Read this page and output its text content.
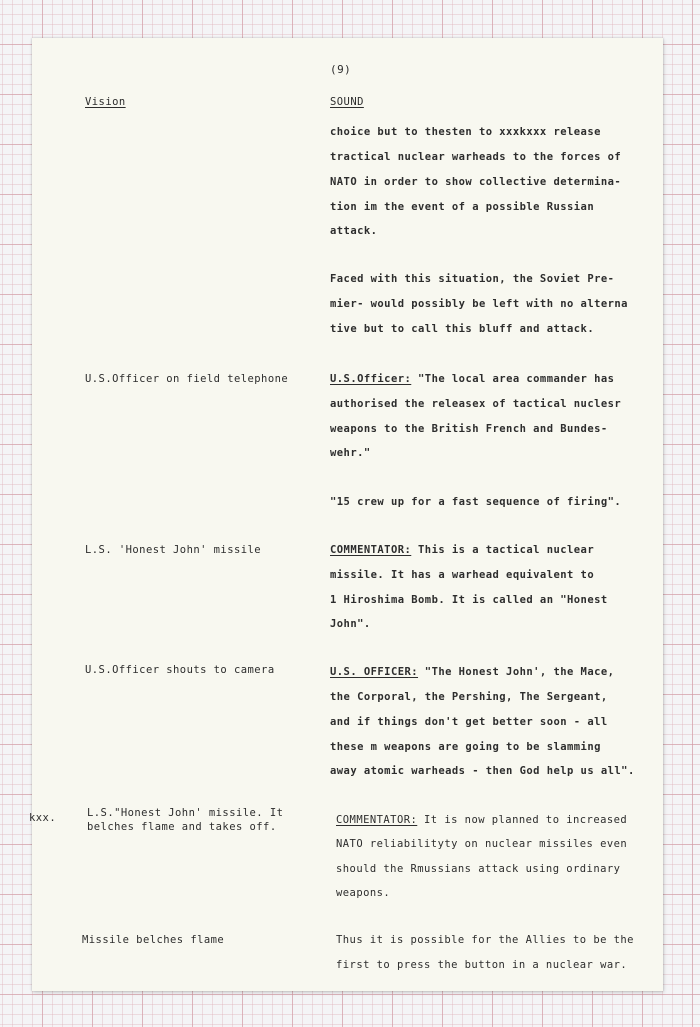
(9)
Vision	SOUND
choice but to thesten to xxxkxxx release
tractical nuclear warheads to the forces of
NATO in order to show collective determina-
tion im the event of a possible Russian
attack.
Faced with this situation, the Soviet Pre-
mier- would possibly be left with no alterna
tive but to call this bluff and attack.
U.S.Officer: "The local area commander has
authorised the releasex of tactical nuclesr
weapons to the British French and Bundes-
wehr."
"15 crew up for a fast sequence of firing".
COMMENTATOR: This is a tactical nuclear
missile. It has a warhead equivalent to
1 Hiroshima Bomb. It is called an "Honest
John".
U.S. OFFICER: "The Honest John', the Mace,
the Corporal, the Pershing, The Sergeant,
and if things don't get better soon - all
these m weapons are going to be slamming
away atomic warheads - then God help us all".
COMMENTATOR: It is now planned to increased
NATO reliabilityty on nuclear missiles even
should the Rmussians attack using ordinary
weapons.
Thus it is possible for the Allies to be the
first to press the button in a nuclear war.
U.S.Officer on field telephone
L.S. 'Honest John' missile
U.S.Officer shouts to camera
kxx.	L.S."Honest John' missile. It
belches flame and takes off.
Missile belches flame
